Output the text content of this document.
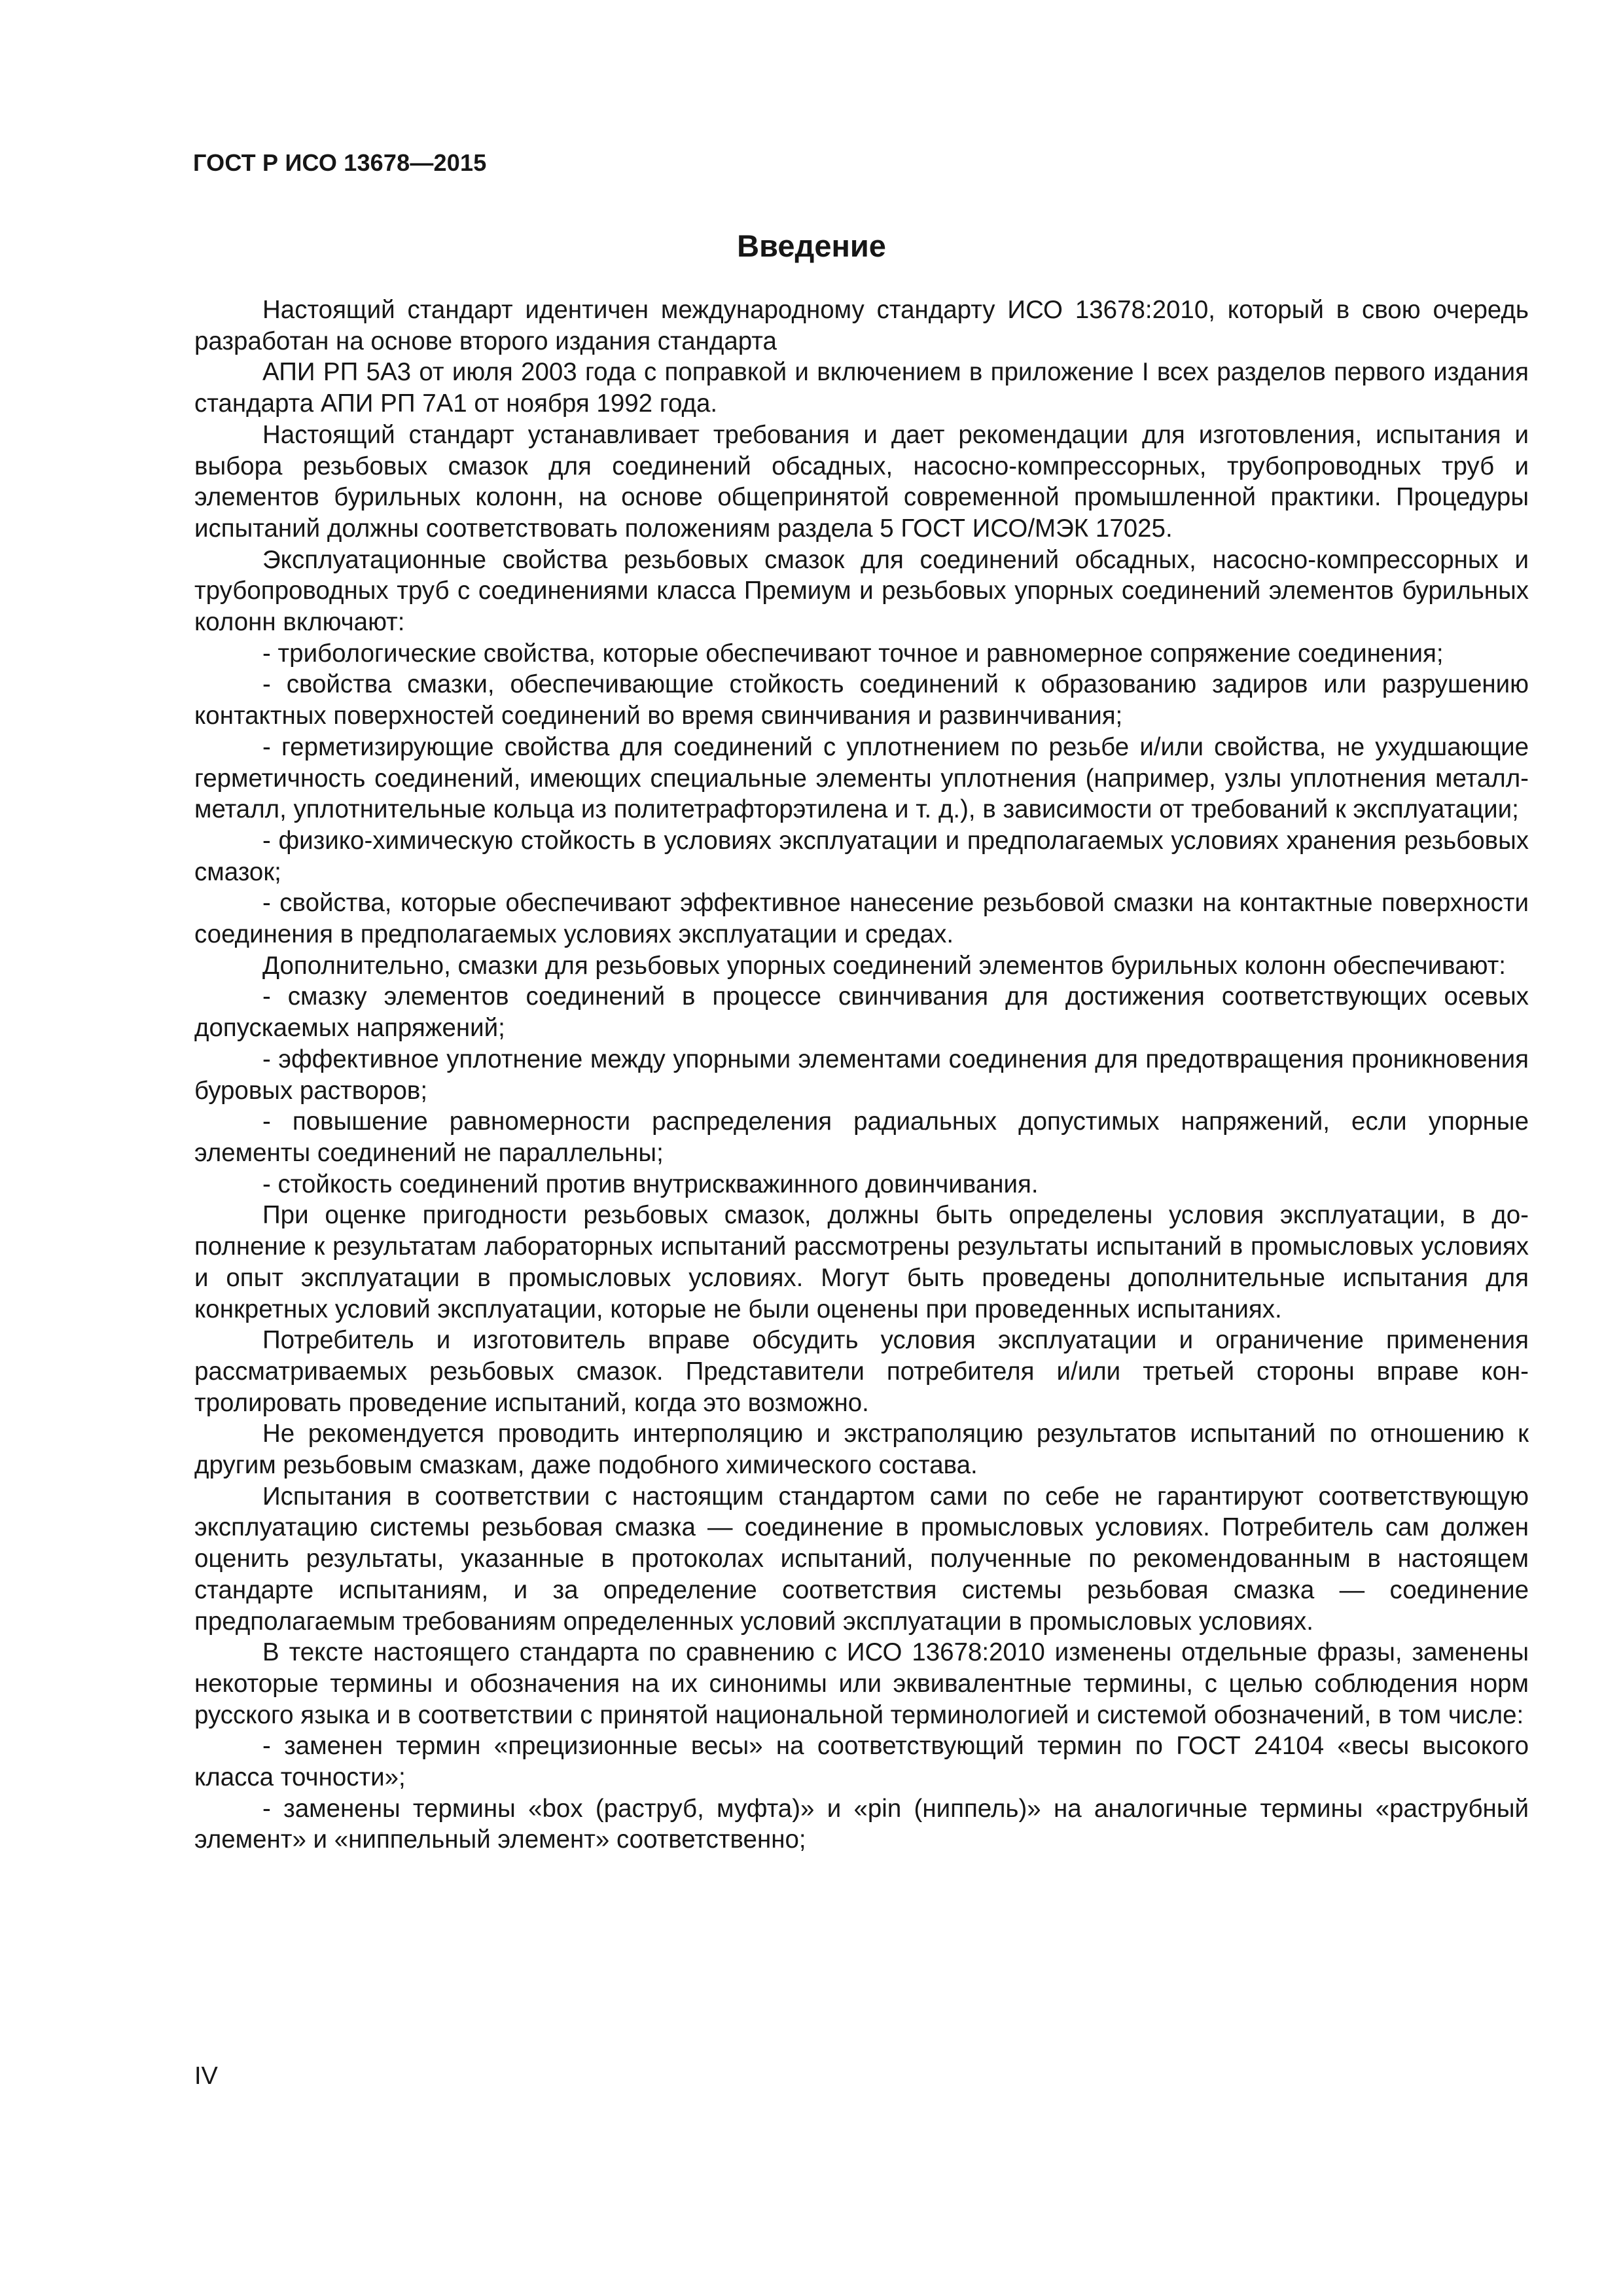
ГОСТ Р ИСО 13678—2015
Введение

Настоящий стандарт идентичен международному стандарту ИСО 13678:2010, который в свою очередь разработан на основе второго издания стандарта

АПИ РП 5А3 от июля 2003 года с поправкой и включением в приложение I всех разделов первого издания стандарта АПИ РП 7А1 от ноября 1992 года.

Настоящий стандарт устанавливает требования и дает рекомендации для изготовления, испытания и выбора резьбовых смазок для соединений обсадных, насосно-компрессорных, трубопроводных труб и элементов бурильных колонн, на основе общепринятой современной промышленной практики. Процедуры испытаний должны соответствовать положениям раздела 5 ГОСТ ИСО/МЭК 17025.

Эксплуатационные свойства резьбовых смазок для соединений обсадных, насосно-компрессорных и трубопроводных труб с соединениями класса Премиум и резьбовых упорных соединений элементов бурильных колонн включают:

- трибологические свойства, которые обеспечивают точное и равномерное сопряжение соединения;

- свойства смазки, обеспечивающие стойкость соединений к образованию задиров или разрушению контактных поверхностей соединений во время свинчивания и развинчивания;

- герметизирующие свойства для соединений с уплотнением по резьбе и/или свойства, не ухудшающие герметичность соединений, имеющих специальные элементы уплотнения (например, узлы уплотнения металл-металл, уплотнительные кольца из политетрафторэтилена и т. д.), в зависимости от требований к эксплуатации;

- физико-химическую стойкость в условиях эксплуатации и предполагаемых условиях хранения резьбовых смазок;

- свойства, которые обеспечивают эффективное нанесение резьбовой смазки на контактные поверхности соединения в предполагаемых условиях эксплуатации и средах.

Дополнительно, смазки для резьбовых упорных соединений элементов бурильных колонн обеспечивают:

- смазку элементов соединений в процессе свинчивания для достижения соответствующих осевых допускаемых напряжений;

- эффективное уплотнение между упорными элементами соединения для предотвращения проникновения буровых растворов;

- повышение равномерности распределения радиальных допустимых напряжений, если упорные элементы соединений не параллельны;

- стойкость соединений против внутрискважинного довинчивания.

При оценке пригодности резьбовых смазок, должны быть определены условия эксплуатации, в дополнение к результатам лабораторных испытаний рассмотрены результаты испытаний в промысловых условиях и опыт эксплуатации в промысловых условиях. Могут быть проведены дополнительные испытания для конкретных условий эксплуатации, которые не были оценены при проведенных испытаниях.

Потребитель и изготовитель вправе обсудить условия эксплуатации и ограничение применения рассматриваемых резьбовых смазок. Представители потребителя и/или третьей стороны вправе контролировать проведение испытаний, когда это возможно.

Не рекомендуется проводить интерполяцию и экстраполяцию результатов испытаний по отношению к другим резьбовым смазкам, даже подобного химического состава.

Испытания в соответствии с настоящим стандартом сами по себе не гарантируют соответствующую эксплуатацию системы резьбовая смазка — соединение в промысловых условиях. Потребитель сам должен оценить результаты, указанные в протоколах испытаний, полученные по рекомендованным в настоящем стандарте испытаниям, и за определение соответствия системы резьбовая смазка — соединение предполагаемым требованиям определенных условий эксплуатации в промысловых условиях.

В тексте настоящего стандарта по сравнению с ИСО 13678:2010 изменены отдельные фразы, заменены некоторые термины и обозначения на их синонимы или эквивалентные термины, с целью соблюдения норм русского языка и в соответствии с принятой национальной терминологией и системой обозначений, в том числе:

- заменен термин «прецизионные весы» на соответствующий термин по ГОСТ 24104 «весы высокого класса точности»;

- заменены термины «box (раструб, муфта)» и «pin (ниппель)» на аналогичные термины «раструбный элемент» и «ниппельный элемент» соответственно;

IV
